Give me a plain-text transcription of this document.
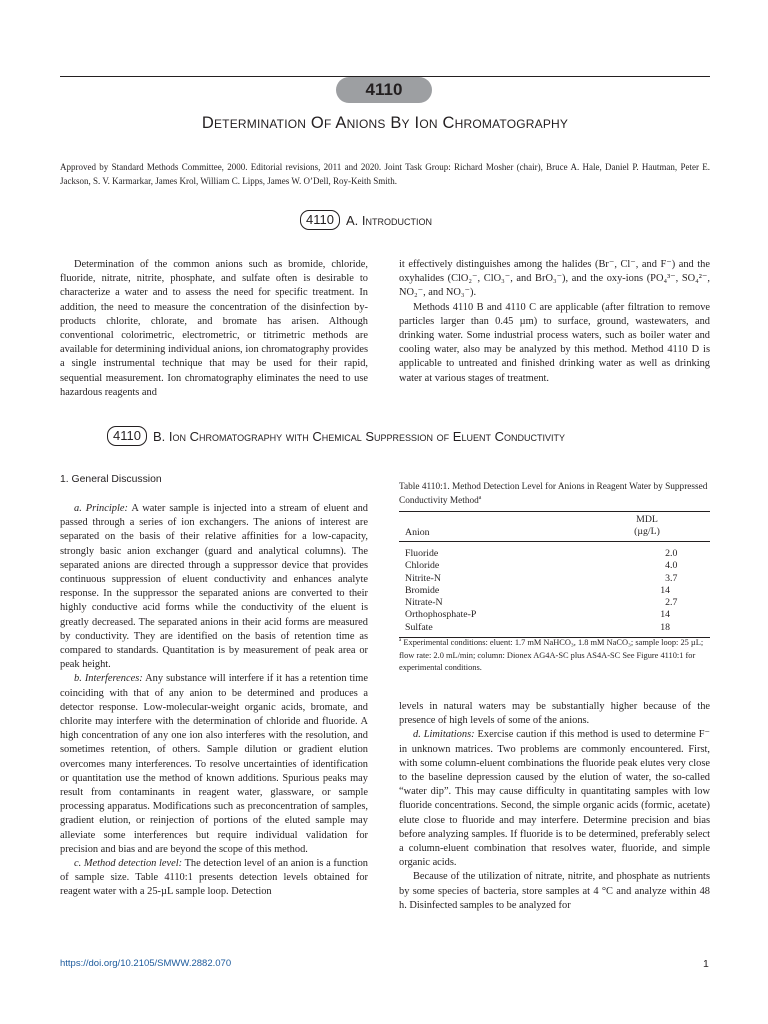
4110
Determination Of Anions By Ion Chromatography
Approved by Standard Methods Committee, 2000. Editorial revisions, 2011 and 2020. Joint Task Group: Richard Mosher (chair), Bruce A. Hale, Daniel P. Hautman, Peter E. Jackson, S. V. Karmarkar, James Krol, William C. Lipps, James W. O’Dell, Roy-Keith Smith.
4110 A. Introduction

Determination of the common anions such as bromide, chloride, fluoride, nitrate, nitrite, phosphate, and sulfate often is desirable to characterize a water and to assess the need for specific treatment. In addition, the need to measure the concentration of the disinfection by-products chlorite, chlorate, and bromate has arisen. Although conventional colorimetric, electrometric, or titrimetric methods are available for determining individual anions, ion chromatography provides a single instrumental technique that may be used for their rapid, sequential measurement. Ion chromatography eliminates the need to use hazardous reagents and

it effectively distinguishes among the halides (Br⁻, Cl⁻, and F⁻) and the oxyhalides (ClO₂⁻, ClO₃⁻, and BrO₃⁻), and the oxy-ions (PO₄³⁻, SO₄²⁻, NO₂⁻, and NO₃⁻).

Methods 4110 B and 4110 C are applicable (after filtration to remove particles larger than 0.45 µm) to surface, ground, wastewaters, and drinking water. Some industrial process waters, such as boiler water and cooling water, also may be analyzed by this method. Method 4110 D is applicable to untreated and finished drinking water as well as drinking water at various stages of treatment.

4110 B. Ion Chromatography with Chemical Suppression of Eluent Conductivity
1. General Discussion

a. Principle: A water sample is injected into a stream of eluent and passed through a series of ion exchangers. The anions of interest are separated on the basis of their relative affinities for a low-capacity, strongly basic anion exchanger (guard and analytical columns). The separated anions are directed through a suppressor device that provides continuous suppression of eluent conductivity and enhances analyte response. In the suppressor the separated anions are converted to their highly conductive acid forms while the conductivity of the eluent is greatly decreased. The separated anions in their acid forms are measured by conductivity. They are identified on the basis of retention time as compared to standards. Quantitation is by measurement of peak area or peak height.

b. Interferences: Any substance will interfere if it has a retention time coinciding with that of any anion to be determined and produces a detector response. Low-molecular-weight organic acids, bromate, and chlorite may interfere with the determination of chloride and fluoride. A high concentration of any one ion also interferes with the resolution, and sometimes retention, of others. Sample dilution or gradient elution overcomes many interferences. To resolve uncertainties of identification or quantitation use the method of known additions. Spurious peaks may result from contaminants in reagent water, glassware, or sample processing apparatus. Modifications such as preconcentration of samples, gradient elution, or reinjection of portions of the eluted sample may alleviate some interferences but require individual validation for precision and bias and are beyond the scope of this method.

c. Method detection level: The detection level of an anion is a function of sample size. Table 4110:1 presents detection levels obtained for reagent water with a 25-µL sample loop. Detection

Table 4110:1. Method Detection Level for Anions in Reagent Water by Suppressed Conductivity Method$^a$
Anion
MDL
(µg/L)
Fluoride	2.0
Chloride	4.0
Nitrite-N	3.7
Bromide	14
Nitrate-N	2.7
Orthophosphate-P	14
Sulfate	18
$^a$ Experimental conditions: eluent: 1.7 mM NaHCO₃, 1.8 mM NaCO₃; sample loop: 25 µL; flow rate: 2.0 mL/min; column: Dionex AG4A-SC plus AS4A-SC See Figure 4110:1 for experimental conditions.

levels in natural waters may be substantially higher because of the presence of high levels of some of the anions.

d. Limitations: Exercise caution if this method is used to determine F⁻ in unknown matrices. Two problems are commonly encountered. First, with some column-eluent combinations the fluoride peak elutes very close to the baseline depression caused by the elution of water, the so-called “water dip”. This may cause difficulty in quantitating samples with low fluoride concentrations. Second, the simple organic acids (formic, acetate) elute close to fluoride and may interfere. Determine precision and bias before analyzing samples. If fluoride is to be determined, preferably select a column-eluent combination that resolves water, fluoride, and simple organic acids.

Because of the utilization of nitrate, nitrite, and phosphate as nutrients by some species of bacteria, store samples at 4 °C and analyze within 48 h. Disinfected samples to be analyzed for

https://doi.org/10.2105/SMWW.2882.070	1
